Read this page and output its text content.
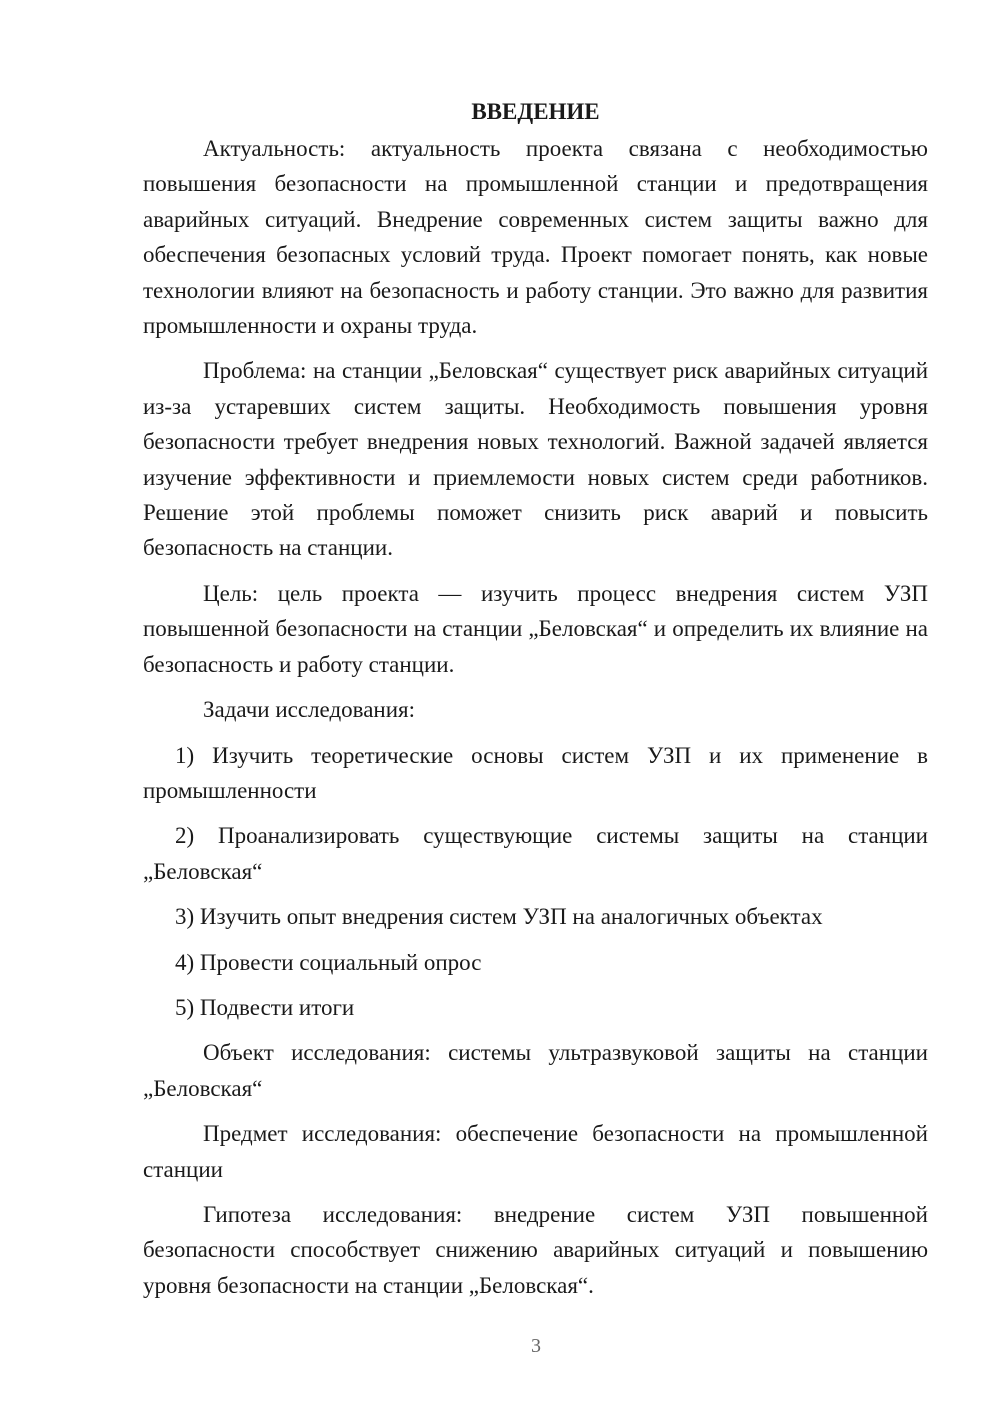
ВВЕДЕНИЕ

Актуальность: актуальность проекта связана с необходимостью повышения безопасности на промышленной станции и предотвращения аварийных ситуаций. Внедрение современных систем защиты важно для обеспечения безопасных условий труда. Проект помогает понять, как новые технологии влияют на безопасность и работу станции. Это важно для развития промышленности и охраны труда.

Проблема: на станции „Беловская“ существует риск аварийных ситуаций из-за устаревших систем защиты. Необходимость повышения уровня безопасности требует внедрения новых технологий. Важной задачей является изучение эффективности и приемлемости новых систем среди работников. Решение этой проблемы поможет снизить риск аварий и повысить безопасность на станции.

Цель: цель проекта — изучить процесс внедрения систем УЗП повышенной безопасности на станции „Беловская“ и определить их влияние на безопасность и работу станции.

Задачи исследования:

1) Изучить теоретические основы систем УЗП и их применение в промышленности

2) Проанализировать существующие системы защиты на станции „Беловская“

3) Изучить опыт внедрения систем УЗП на аналогичных объектах

4) Провести социальный опрос

5) Подвести итоги

Объект исследования: системы ультразвуковой защиты на станции „Беловская“

Предмет исследования: обеспечение безопасности на промышленной станции

Гипотеза исследования: внедрение систем УЗП повышенной безопасности способствует снижению аварийных ситуаций и повышению уровня безопасности на станции „Беловская“.

3
